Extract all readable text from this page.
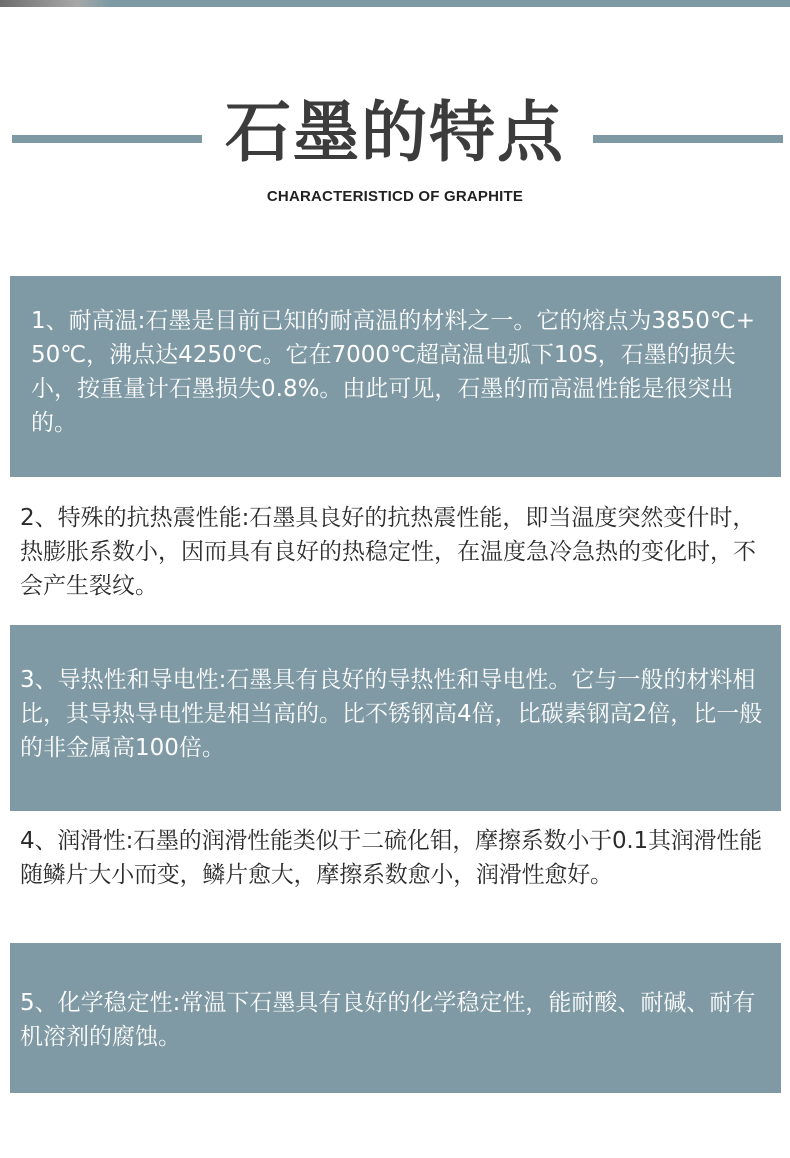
石墨的特点
CHARACTERISTICD OF GRAPHITE
1、耐高温:石墨是目前已知的耐高温的材料之一。它的熔点为3850℃+50℃，沸点达4250℃。它在7000℃超高温电弧下10S，石墨的损失小，按重量计石墨损失0.8%。由此可见，石墨的而高温性能是很突出的。
2、特殊的抗热震性能:石墨具良好的抗热震性能，即当温度突然变什时，热膨胀系数小，因而具有良好的热稳定性，在温度急冷急热的变化时，不会产生裂纹。
3、导热性和导电性:石墨具有良好的导热性和导电性。它与一般的材料相比，其导热导电性是相当高的。比不锈钢高4倍，比碳素钢高2倍，比一般的非金属高100倍。
4、润滑性:石墨的润滑性能类似于二硫化钼，摩擦系数小于0.1其润滑性能随鳞片大小而变，鳞片愈大，摩擦系数愈小，润滑性愈好。
5、化学稳定性:常温下石墨具有良好的化学稳定性，能耐酸、耐碱、耐有机溶剂的腐蚀。
